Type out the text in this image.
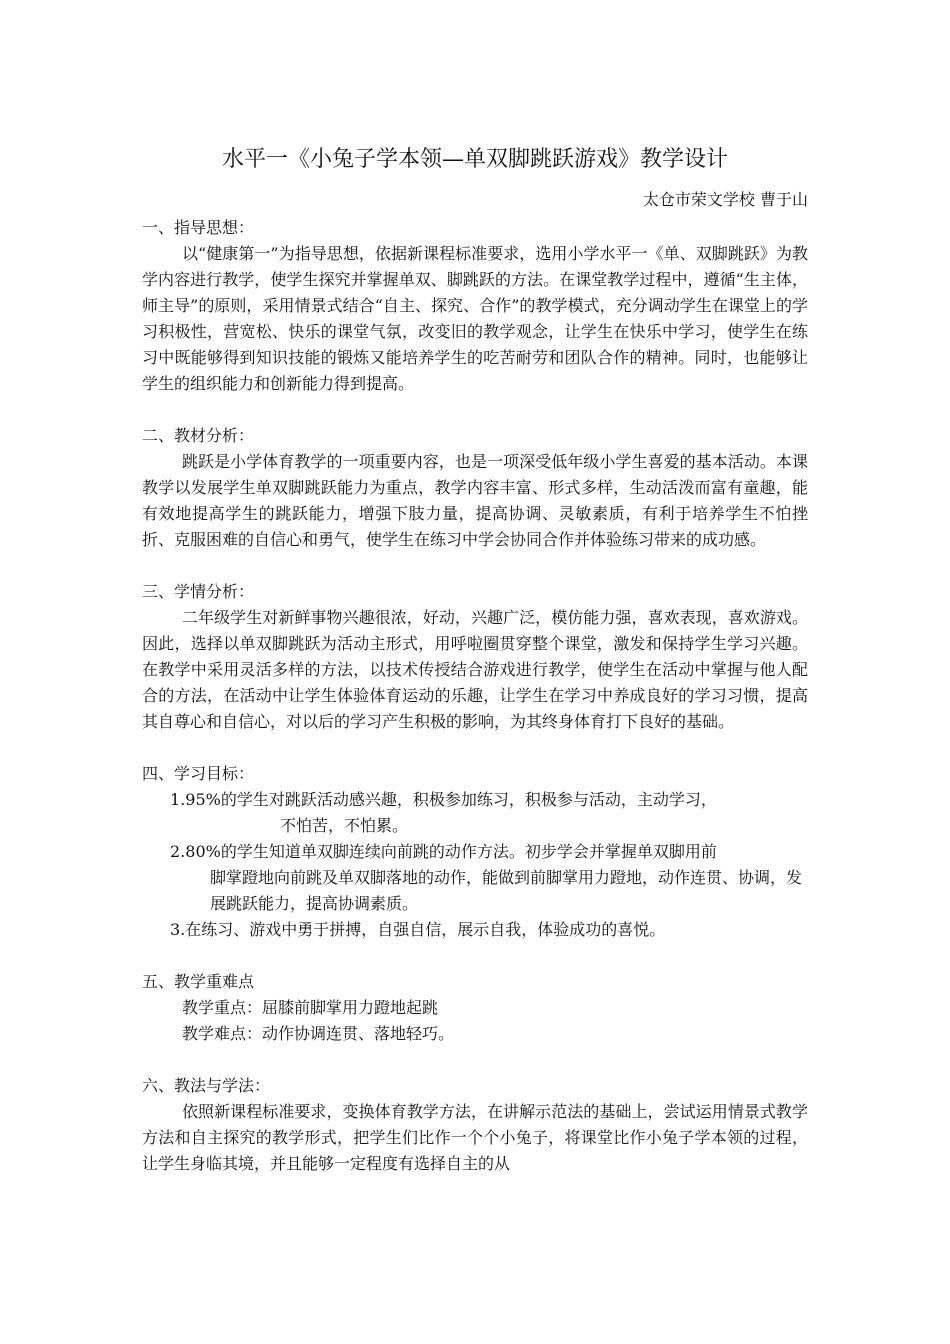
水平一《小兔子学本领—单双脚跳跃游戏》教学设计
太仓市荣文学校 曹于山

一、指导思想：

以“健康第一”为指导思想，依据新课程标准要求，选用小学水平一《单、双脚跳跃》为教学内容进行教学，使学生探究并掌握单双、脚跳跃的方法。在课堂教学过程中，遵循“生主体，师主导”的原则，采用情景式结合“自主、探究、合作”的教学模式，充分调动学生在课堂上的学习积极性，营宽松、快乐的课堂气氛，改变旧的教学观念，让学生在快乐中学习，使学生在练习中既能够得到知识技能的锻炼又能培养学生的吃苦耐劳和团队合作的精神。同时，也能够让学生的组织能力和创新能力得到提高。

二、教材分析：

跳跃是小学体育教学的一项重要内容，也是一项深受低年级小学生喜爱的基本活动。本课教学以发展学生单双脚跳跃能力为重点，教学内容丰富、形式多样，生动活泼而富有童趣，能有效地提高学生的跳跃能力，增强下肢力量，提高协调、灵敏素质，有利于培养学生不怕挫折、克服困难的自信心和勇气，使学生在练习中学会协同合作并体验练习带来的成功感。

三、学情分析：

二年级学生对新鲜事物兴趣很浓，好动，兴趣广泛，模仿能力强，喜欢表现，喜欢游戏。因此，选择以单双脚跳跃为活动主形式，用呼啦圈贯穿整个课堂，激发和保持学生学习兴趣。在教学中采用灵活多样的方法，以技术传授结合游戏进行教学，使学生在活动中掌握与他人配合的方法，在活动中让学生体验体育运动的乐趣，让学生在学习中养成良好的学习习惯，提高其自尊心和自信心，对以后的学习产生积极的影响，为其终身体育打下良好的基础。

四、学习目标：

1.95%的学生对跳跃活动感兴趣，积极参加练习，积极参与活动，主动学习，
不怕苦，不怕累。

2.80%的学生知道单双脚连续向前跳的动作方法。初步学会并掌握单双脚用前
脚掌蹬地向前跳及单双脚落地的动作，能做到前脚掌用力蹬地，动作连贯、协调，发展跳跃能力，提高协调素质。

3.在练习、游戏中勇于拼搏，自强自信，展示自我，体验成功的喜悦。

五、教学重难点

教学重点：屈膝前脚掌用力蹬地起跳

教学难点：动作协调连贯、落地轻巧。

六、教法与学法：

依照新课程标准要求，变换体育教学方法，在讲解示范法的基础上，尝试运用情景式教学方法和自主探究的教学形式，把学生们比作一个个小兔子，将课堂比作小兔子学本领的过程，让学生身临其境，并且能够一定程度有选择自主的从
